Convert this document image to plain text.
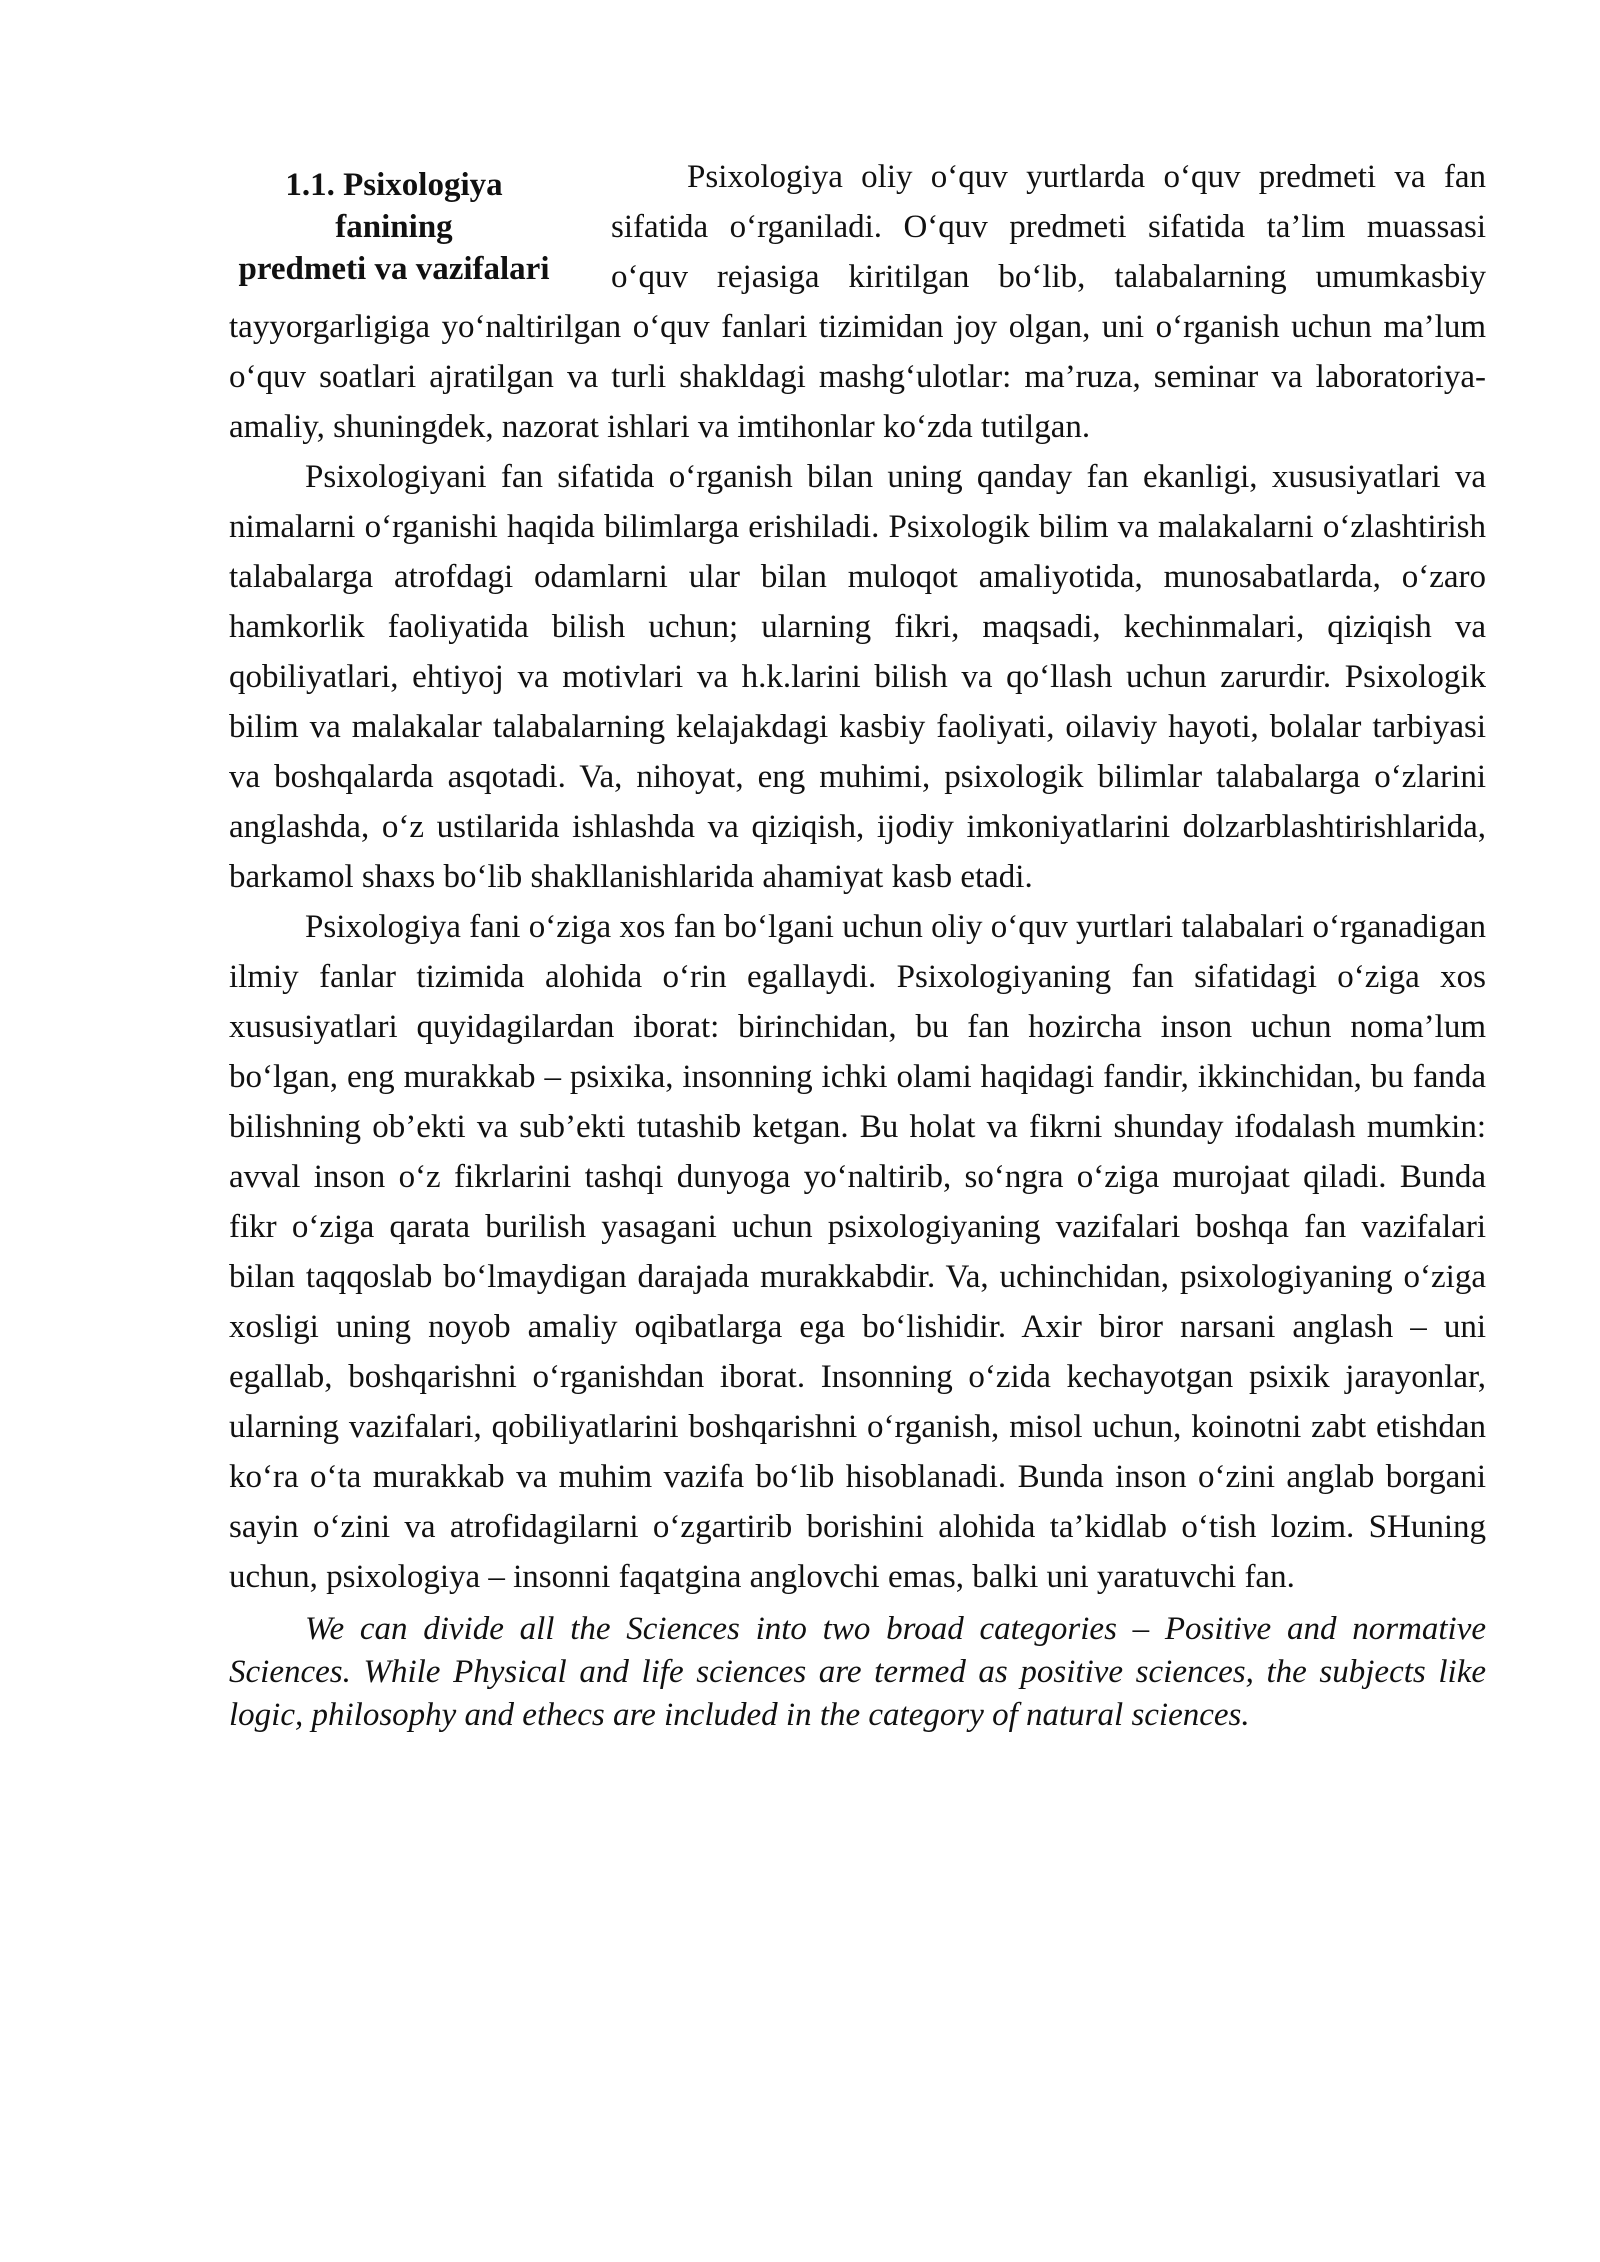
1.1. Psixologiya fanining
predmeti va vazifalari

Psixologiya oliy o‘quv yurtlarda o‘quv predmeti va fan sifatida o‘rganiladi. O‘quv predmeti sifatida ta’lim muassasi o‘quv rejasiga kiritilgan bo‘lib, talabalarning umumkasbiy tayyorgarligiga yo‘naltirilgan o‘quv fanlari tizimidan joy olgan, uni o‘rganish uchun ma’lum o‘quv soatlari ajratilgan va turli shakldagi mashg‘ulotlar: ma’ruza, seminar va laboratoriya-amaliy, shuningdek, nazorat ishlari va imtihonlar ko‘zda tutilgan.

Psixologiyani fan sifatida o‘rganish bilan uning qanday fan ekanligi, xususiyatlari va nimalarni o‘rganishi haqida bilimlarga erishiladi. Psixologik bilim va malakalarni o‘zlashtirish talabalarga atrofdagi odamlarni ular bilan muloqot amaliyotida, munosabatlarda, o‘zaro hamkorlik faoliyatida bilish uchun; ularning fikri, maqsadi, kechinmalari, qiziqish va qobiliyatlari, ehtiyoj va motivlari va h.k.larini bilish va qo‘llash uchun zarurdir. Psixologik bilim va malakalar talabalarning kelajakdagi kasbiy faoliyati, oilaviy hayoti, bolalar tarbiyasi va boshqalarda asqotadi. Va, nihoyat, eng muhimi, psixologik bilimlar talabalarga o‘zlarini anglashda, o‘z ustilarida ishlashda va qiziqish, ijodiy imkoniyatlarini dolzarblashtirishlarida, barkamol shaxs bo‘lib shakllanishlarida ahamiyat kasb etadi.

Psixologiya fani o‘ziga xos fan bo‘lgani uchun oliy o‘quv yurtlari talabalari o‘rganadigan ilmiy fanlar tizimida alohida o‘rin egallaydi. Psixologiyaning fan sifatidagi o‘ziga xos xususiyatlari quyidagilardan iborat: birinchidan, bu fan hozircha inson uchun noma’lum bo‘lgan, eng murakkab – psixika, insonning ichki olami haqidagi fandir, ikkinchidan, bu fanda bilishning ob’ekti va sub’ekti tutashib ketgan. Bu holat va fikrni shunday ifodalash mumkin: avval inson o‘z fikrlarini tashqi dunyoga yo‘naltirib, so‘ngra o‘ziga murojaat qiladi. Bunda fikr o‘ziga qarata burilish yasagani uchun psixologiyaning vazifalari boshqa fan vazifalari bilan taqqoslab bo‘lmaydigan darajada murakkabdir. Va, uchinchidan, psixologiyaning o‘ziga xosligi uning noyob amaliy oqibatlarga ega bo‘lishidir. Axir biror narsani anglash – uni egallab, boshqarishni o‘rganishdan iborat. Insonning o‘zida kechayotgan psixik jarayonlar, ularning vazifalari, qobiliyatlarini boshqarishni o‘rganish, misol uchun, koinotni zabt etishdan ko‘ra o‘ta murakkab va muhim vazifa bo‘lib hisoblanadi. Bunda inson o‘zini anglab borgani sayin o‘zini va atrofidagilarni o‘zgartirib borishini alohida ta’kidlab o‘tish lozim. SHuning uchun, psixologiya – insonni faqatgina anglovchi emas, balki uni yaratuvchi fan.

We can divide all the Sciences into two broad categories – Positive and normative Sciences. While Physical and life sciences are termed as positive sciences, the subjects like logic, philosophy and ethecs are included in the category of natural sciences.
